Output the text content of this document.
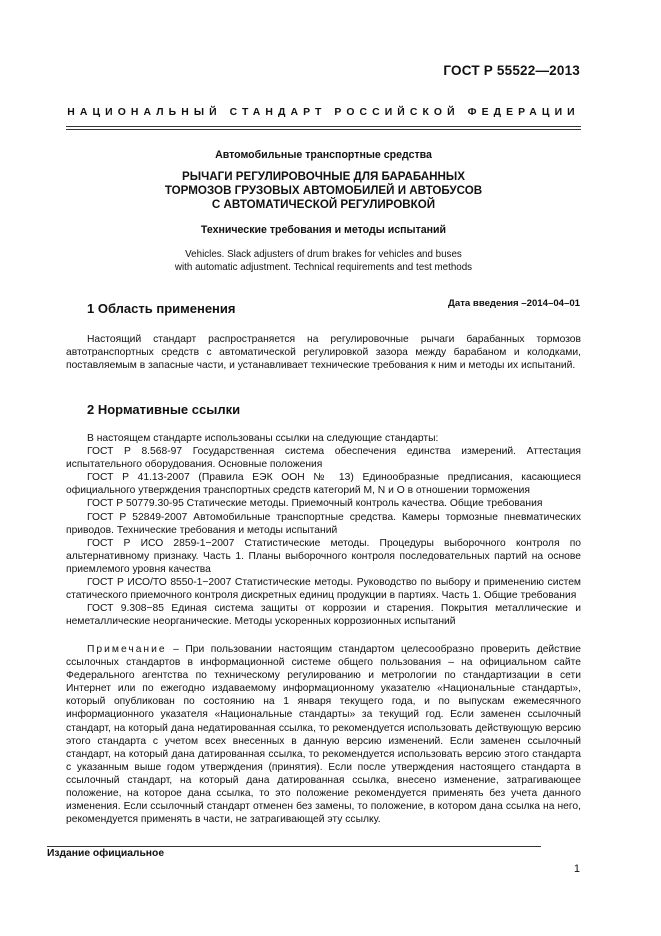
ГОСТ Р 55522—2013
НАЦИОНАЛЬНЫЙ СТАНДАРТ РОССИЙСКОЙ ФЕДЕРАЦИИ
Автомобильные транспортные средства
РЫЧАГИ РЕГУЛИРОВОЧНЫЕ ДЛЯ БАРАБАННЫХ
ТОРМОЗОВ ГРУЗОВЫХ АВТОМОБИЛЕЙ И АВТОБУСОВ
С АВТОМАТИЧЕСКОЙ РЕГУЛИРОВКОЙ
Технические требования и методы испытаний
Vehicles. Slack adjusters of drum brakes for vehicles and buses
with automatic adjustment. Technical requirements and test methods
Дата введения –2014–04–01
1 Область применения

Настоящий стандарт распространяется на регулировочные рычаги барабанных тормозов автотранспортных средств с автоматической регулировкой зазора между барабаном и колодками, поставляемым в запасные части, и устанавливает технические требования к ним и методы их испытаний.

2 Нормативные ссылки

В настоящем стандарте использованы ссылки на следующие стандарты:

ГОСТ Р 8.568-97 Государственная система обеспечения единства измерений. Аттестация испытательного оборудования. Основные положения

ГОСТ Р 41.13-2007 (Правила ЕЭК ООН № 13) Единообразные предписания, касающиеся официального утверждения транспортных средств категорий M, N и O в отношении торможения

ГОСТ Р 50779.30-95 Статические методы. Приемочный контроль качества. Общие требования

ГОСТ Р 52849-2007 Автомобильные транспортные средства. Камеры тормозные пневматических приводов. Технические требования и методы испытаний

ГОСТ Р ИСО 2859-1−2007 Статистические методы. Процедуры выборочного контроля по альтернативному признаку. Часть 1. Планы выборочного контроля последовательных партий на основе приемлемого уровня качества

ГОСТ Р ИСО/ТО 8550-1−2007 Статистические методы. Руководство по выбору и применению систем статического приемочного контроля дискретных единиц продукции в партиях. Часть 1. Общие требования

ГОСТ 9.308−85 Единая система защиты от коррозии и старения. Покрытия металлические и неметаллические неорганические. Методы ускоренных коррозионных испытаний

Примечание – При пользовании настоящим стандартом целесообразно проверить действие ссылочных стандартов в информационной системе общего пользования – на официальном сайте Федерального агентства по техническому регулированию и метрологии по стандартизации в сети Интернет или по ежегодно издаваемому информационному указателю «Национальные стандарты», который опубликован по состоянию на 1 января текущего года, и по выпускам ежемесячного информационного указателя «Национальные стандарты» за текущий год. Если заменен ссылочный стандарт, на который дана недатированная ссылка, то рекомендуется использовать действующую версию этого стандарта с учетом всех внесенных в данную версию изменений. Если заменен ссылочный стандарт, на который дана датированная ссылка, то рекомендуется использовать версию этого стандарта с указанным выше годом утверждения (принятия). Если после утверждения настоящего стандарта в ссылочный стандарт, на который дана датированная ссылка, внесено изменение, затрагивающее положение, на которое дана ссылка, то это положение рекомендуется применять без учета данного изменения. Если ссылочный стандарт отменен без замены, то положение, в котором дана ссылка на него, рекомендуется применять в части, не затрагивающей эту ссылку.

Издание официальное
1
